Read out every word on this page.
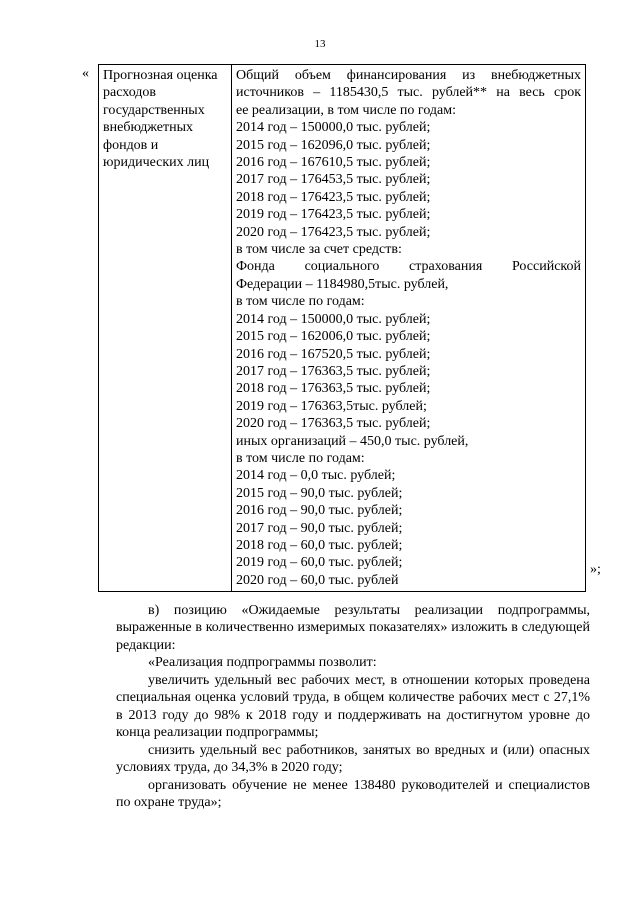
13
« Прогнозная оценка расходов государственных внебюджетных фондов и юридических лиц	
Общий объем финансирования из внебюджетных
источников – 1185430,5 тыс. рублей** на весь срок
ее реализации, в том числе по годам:
2014 год – 150000,0 тыс. рублей;
2015 год – 162096,0 тыс. рублей;
2016 год – 167610,5 тыс. рублей;
2017 год – 176453,5 тыс. рублей;
2018 год – 176423,5 тыс. рублей;
2019 год – 176423,5 тыс. рублей;
2020 год – 176423,5 тыс. рублей;
в том числе за счет средств:
Фонда социального страхования Российской
Федерации – 1184980,5тыс. рублей,
в том числе по годам:
2014 год – 150000,0 тыс. рублей;
2015 год – 162006,0 тыс. рублей;
2016 год – 167520,5 тыс. рублей;
2017 год – 176363,5 тыс. рублей;
2018 год – 176363,5 тыс. рублей;
2019 год – 176363,5тыс. рублей;
2020 год – 176363,5 тыс. рублей;
иных организаций – 450,0 тыс. рублей,
в том числе по годам:
2014 год – 0,0 тыс. рублей;
2015 год – 90,0 тыс. рублей;
2016 год – 90,0 тыс. рублей;
2017 год – 90,0 тыс. рублей;
2018 год – 60,0 тыс. рублей;
2019 год – 60,0 тыс. рублей;
2020 год – 60,0 тыс. рублей
»;
в) позицию «Ожидаемые результаты реализации подпрограммы, выраженные в количественно измеримых показателях» изложить в следующей редакции:
«Реализация подпрограммы позволит:
увеличить удельный вес рабочих мест, в отношении которых проведена специальная оценка условий труда, в общем количестве рабочих мест с 27,1% в 2013 году до 98% к 2018 году и поддерживать на достигнутом уровне до конца реализации подпрограммы;
снизить удельный вес работников, занятых во вредных и (или) опасных условиях труда, до 34,3% в 2020 году;
организовать обучение не менее 138480 руководителей и специалистов по охране труда»;
